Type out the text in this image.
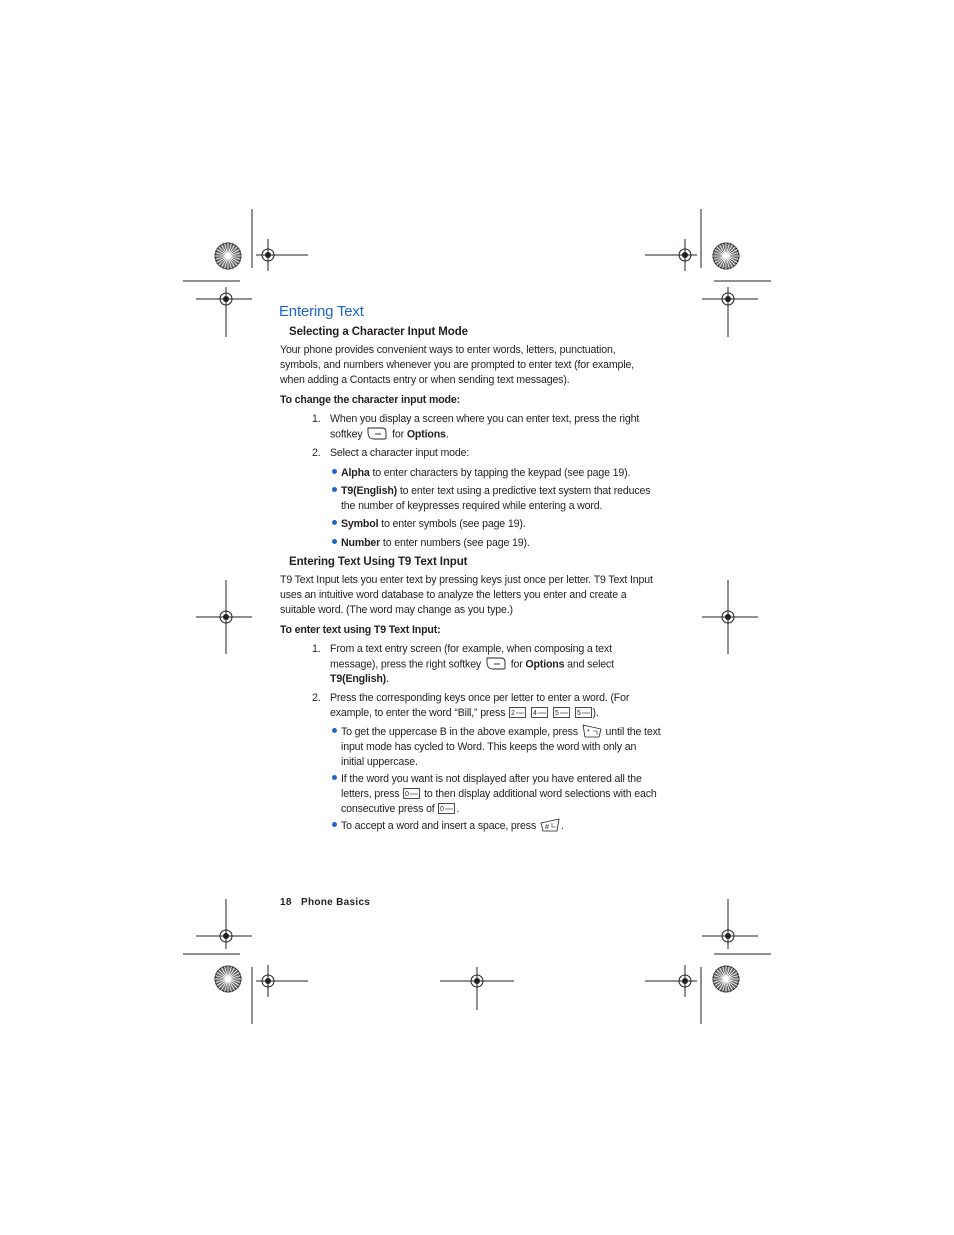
Entering Text
Selecting a Character Input Mode
Your phone provides convenient ways to enter words, letters, punctuation,
symbols, and numbers whenever you are prompted to enter text (for example,
when adding a Contacts entry or when sending text messages).
To change the character input mode:
1. When you display a screen where you can enter text, press the right
softkey	for Options.
2. Select a character input mode:
Alpha to enter characters by tapping the keypad (see page 19).
T9(English) to enter text using a predictive text system that reduces
the number of keypresses required while entering a word.
Symbol to enter symbols (see page 19).
Number to enter numbers (see page 19).
Entering Text Using T9 Text Input
T9 Text Input lets you enter text by pressing keys just once per letter. T9 Text Input
uses an intuitive word database to analyze the letters you enter and create a
suitable word. (The word may change as you type.)
To enter text using T9 Text Input:
1. From a text entry screen (for example, when composing a text
message), press the right softkey	for Options and select
T9(English).
2. Press the corresponding keys once per letter to enter a word. (For
example, to enter the word “Bill,” press 2
	4
	5
	5 ).
To get the uppercase B in the above example, press * until the text
input mode has cycled to Word. This keeps the word with only an
initial uppercase.
If the word you want is not displayed after you have entered all the
letters, press 0 to then display additional word selections with each
consecutive press of 0 .
To accept a word and insert a space, press # .
18 Phone Basics
